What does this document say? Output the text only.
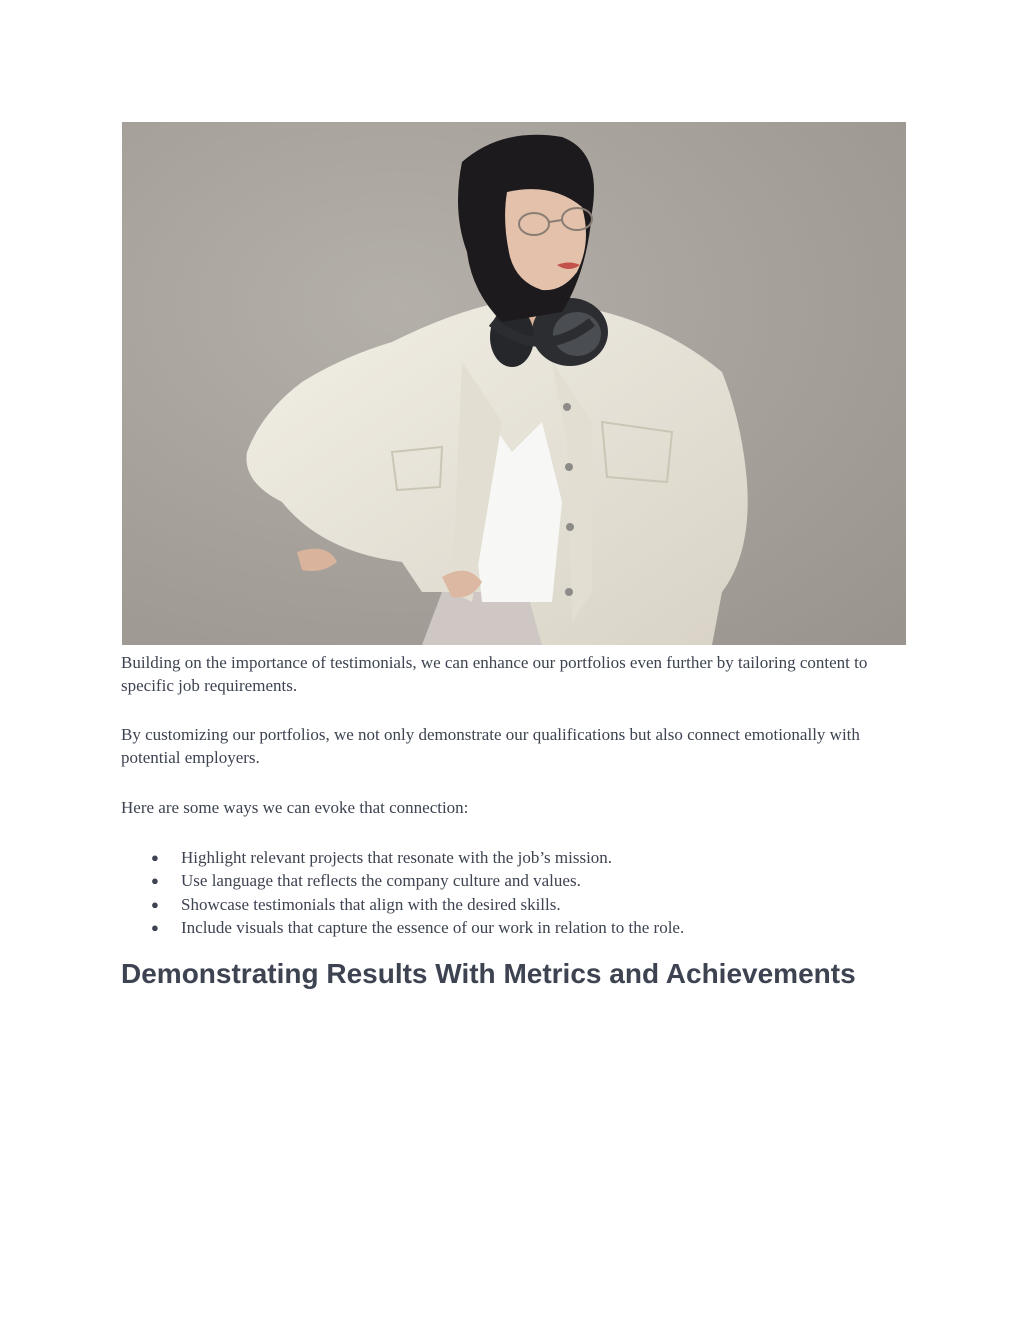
Building on the importance of testimonials, we can enhance our portfolios even further by tailoring content to specific job requirements.

By customizing our portfolios, we not only demonstrate our qualifications but also connect emotionally with potential employers.

Here are some ways we can evoke that connection:

● Highlight relevant projects that resonate with the job’s mission.
● Use language that reflects the company culture and values.
● Showcase testimonials that align with the desired skills.
● Include visuals that capture the essence of our work in relation to the role.
Demonstrating Results With Metrics and Achievements
